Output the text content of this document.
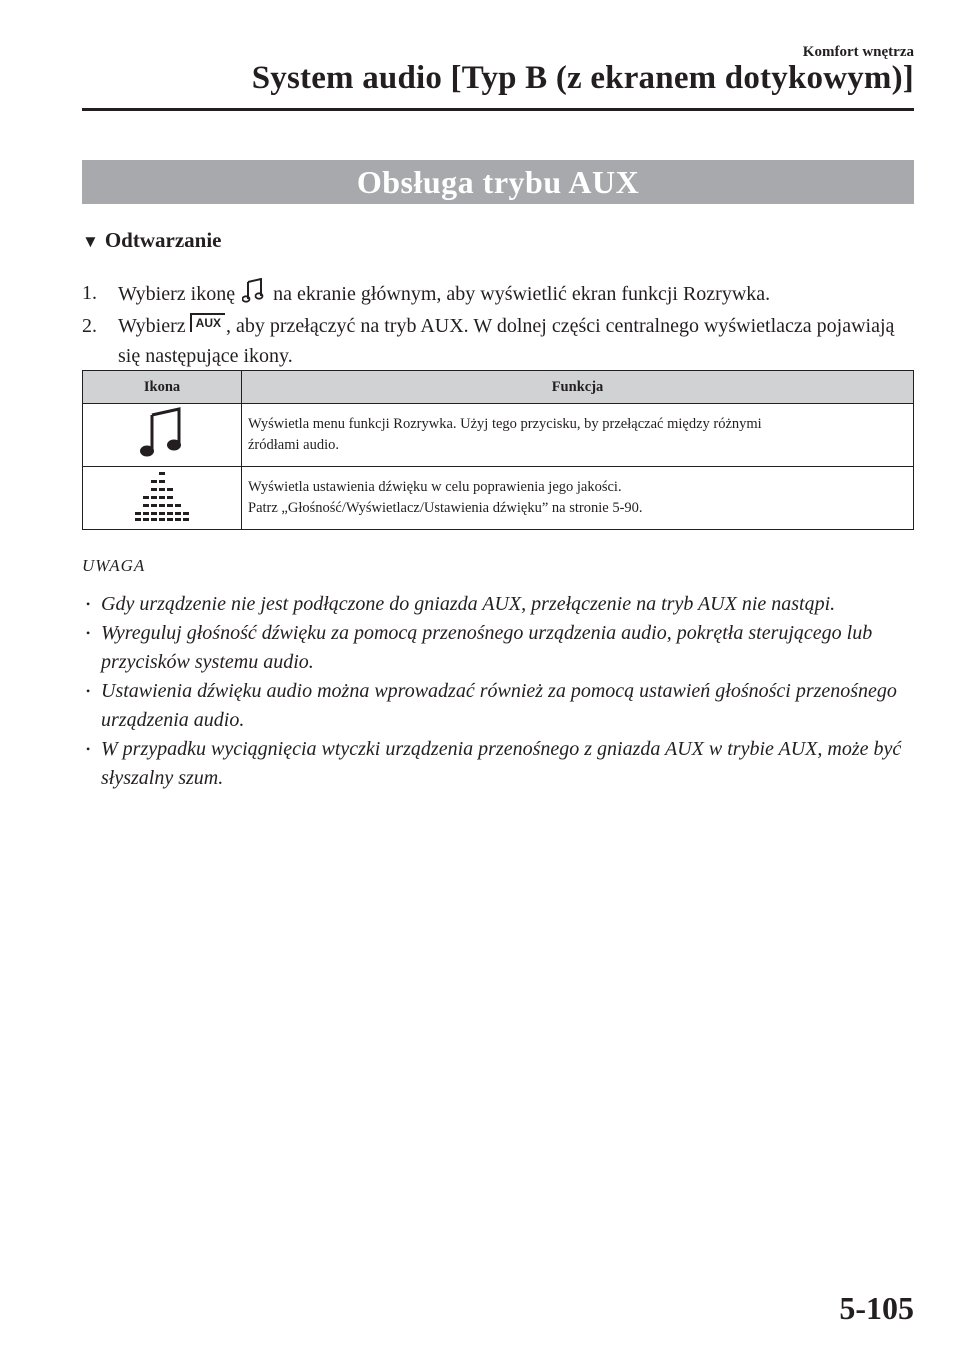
Komfort wnętrza
System audio [Typ B (z ekranem dotykowym)]
Obsługa trybu AUX
▼ Odtwarzanie
1.	Wybierz ikonę na ekranie głównym, aby wyświetlić ekran funkcji Rozrywka.
2.	Wybierz AUX , aby przełączyć na tryb AUX. W dolnej części centralnego wyświetlacza pojawiają się następujące ikony.
Ikona	Funkcja

Wyświetla menu funkcji Rozrywka. Użyj tego przycisku, by przełączać między różnymi
źródłami audio.

Wyświetla ustawienia dźwięku w celu poprawienia jego jakości.
Patrz „Głośność/Wyświetlacz/Ustawienia dźwięku” na stronie 5-90.
UWAGA
• Gdy urządzenie nie jest podłączone do gniazda AUX, przełączenie na tryb AUX nie nastąpi.
• Wyreguluj głośność dźwięku za pomocą przenośnego urządzenia audio, pokrętła sterującego lub przycisków systemu audio.
• Ustawienia dźwięku audio można wprowadzać również za pomocą ustawień głośności przenośnego urządzenia audio.
• W przypadku wyciągnięcia wtyczki urządzenia przenośnego z gniazda AUX w trybie AUX, może być słyszalny szum.
5-105
